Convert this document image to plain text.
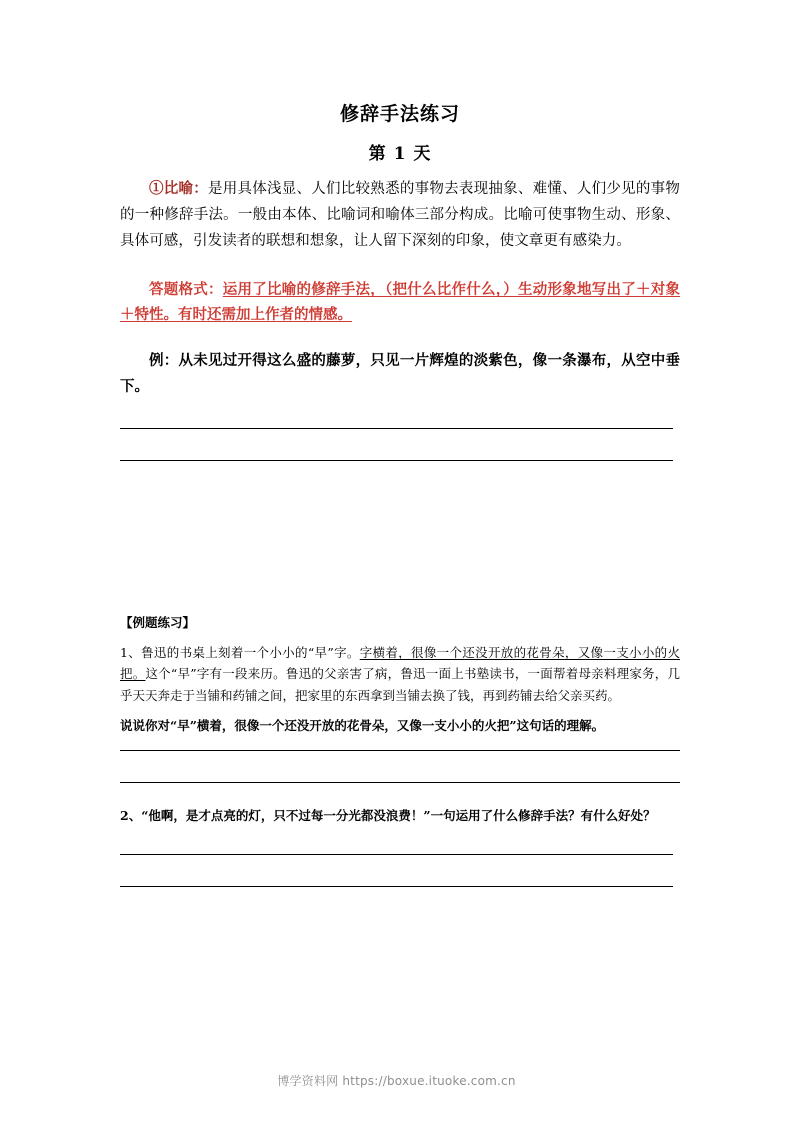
修辞手法练习
第 1 天

①比喻：是用具体浅显、人们比较熟悉的事物去表现抽象、难懂、人们少见的事物的一种修辞手法。一般由本体、比喻词和喻体三部分构成。比喻可使事物生动、形象、具体可感，引发读者的联想和想象，让人留下深刻的印象，使文章更有感染力。

答题格式：运用了比喻的修辞手法，（把什么比作什么，）生动形象地写出了＋对象＋特性。有时还需加上作者的情感。

例：从未见过开得这么盛的藤萝，只见一片辉煌的淡紫色，像一条瀑布，从空中垂下。

【例题练习】

1、鲁迅的书桌上刻着一个小小的“早”字。字横着，很像一个还没开放的花骨朵，又像一支小小的火把。这个“早”字有一段来历。鲁迅的父亲害了病，鲁迅一面上书塾读书，一面帮着母亲料理家务，几乎天天奔走于当铺和药铺之间，把家里的东西拿到当铺去换了钱，再到药铺去给父亲买药。

说说你对“早”横着，很像一个还没开放的花骨朵，又像一支小小的火把”这句话的理解。

2、“他啊，是才点亮的灯，只不过每一分光都没浪费！”一句运用了什么修辞手法？有什么好处？

博学资料网 https://boxue.ituoke.com.cn
